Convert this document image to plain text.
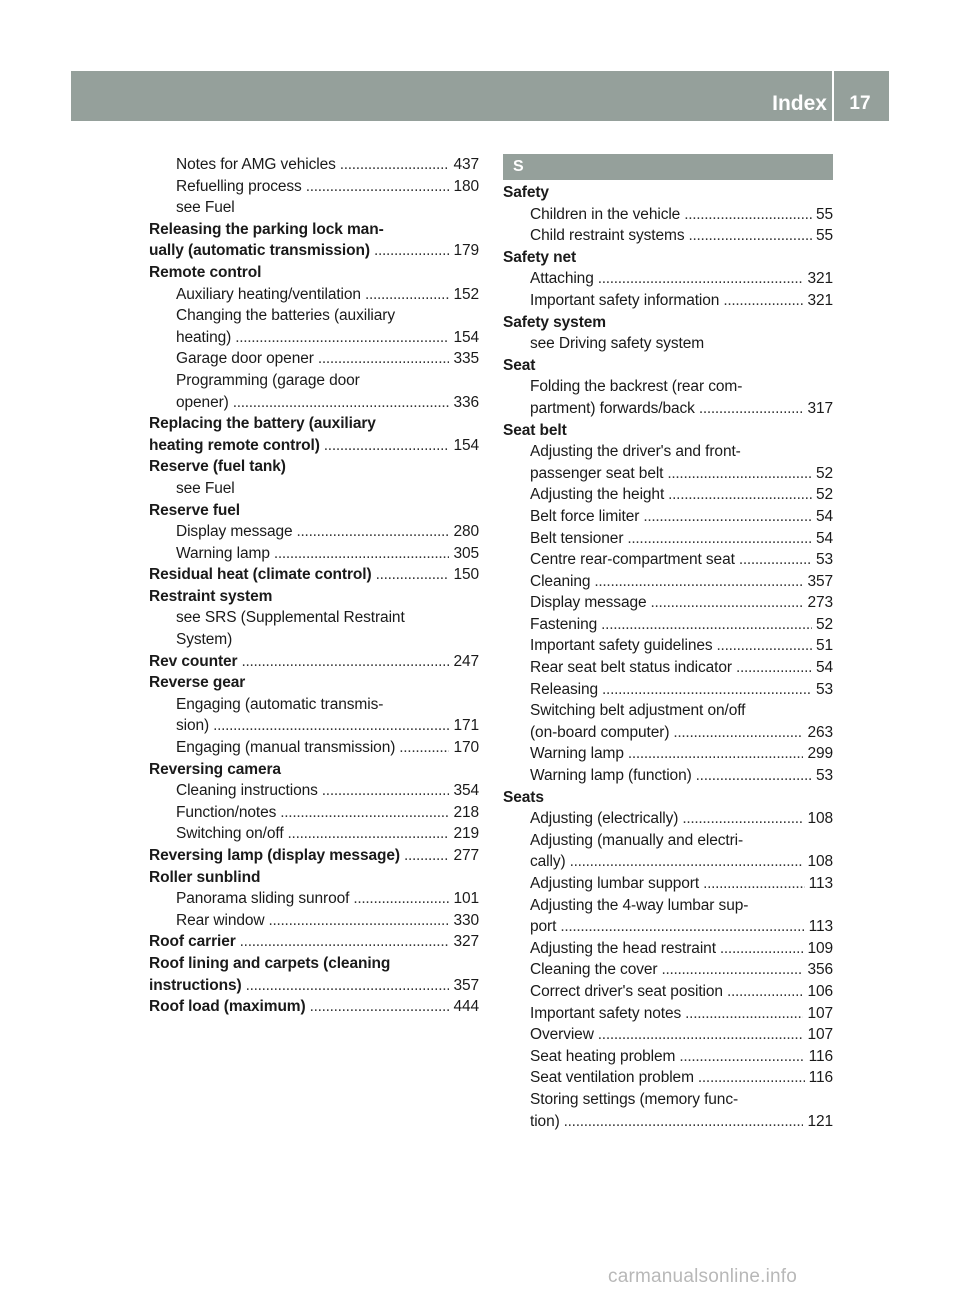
Index	17
Notes for AMG vehicles . . .	437
Refuelling process . . .	180
see Fuel
Releasing the parking lock man-
ually (automatic transmission) . . .	179
Remote control
Auxiliary heating/ventilation . . .	152
Changing the batteries (auxiliary
heating) . . .	154
Garage door opener . . .	335
Programming (garage door
opener) . . .	336
Replacing the battery (auxiliary
heating remote control) . . .	154
Reserve (fuel tank)
see Fuel
Reserve fuel
Display message . . .	280
Warning lamp . . .	305
Residual heat (climate control) . . .	150
Restraint system
see SRS (Supplemental Restraint
System)
Rev counter . . .	247
Reverse gear
Engaging (automatic transmis-
sion) . . .	171
Engaging (manual transmission) . . .	170
Reversing camera
Cleaning instructions . . .	354
Function/notes . . .	218
Switching on/off . . .	219
Reversing lamp (display message) . . .	277
Roller sunblind
Panorama sliding sunroof . . .	101
Rear window . . .	330
Roof carrier . . .	327
Roof lining and carpets (cleaning
instructions) . . .	357
Roof load (maximum) . . .	444
S
Safety
Children in the vehicle . . .	55
Child restraint systems . . .	55
Safety net
Attaching . . .	321
Important safety information . . .	321
Safety system
see Driving safety system
Seat
Folding the backrest (rear com-
partment) forwards/back . . .	317
Seat belt
Adjusting the driver's and front-
passenger seat belt . . .	52
Adjusting the height . . .	52
Belt force limiter . . .	54
Belt tensioner . . .	54
Centre rear-compartment seat . . .	53
Cleaning . . .	357
Display message . . .	273
Fastening . . .	52
Important safety guidelines . . .	51
Rear seat belt status indicator . . .	54
Releasing . . .	53
Switching belt adjustment on/off
(on-board computer) . . .	263
Warning lamp . . .	299
Warning lamp (function) . . .	53
Seats
Adjusting (electrically) . . .	108
Adjusting (manually and electri-
cally) . . .	108
Adjusting lumbar support . . .	113
Adjusting the 4-way lumbar sup-
port . . .	113
Adjusting the head restraint . . .	109
Cleaning the cover . . .	356
Correct driver's seat position . . .	106
Important safety notes . . .	107
Overview . . .	107
Seat heating problem . . .	116
Seat ventilation problem . . .	116
Storing settings (memory func-
tion) . . .	121
carmanualsonline.info
